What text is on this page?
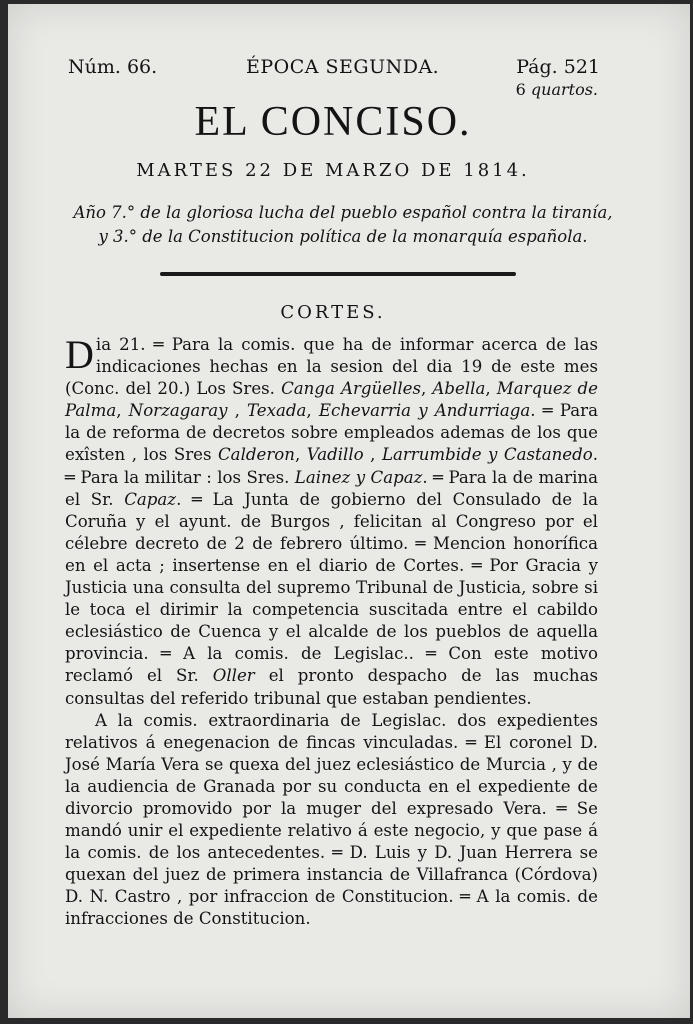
Núm. 66.	ÉPOCA SEGUNDA.	Pág. 521
6 quartos.
EL CONCISO.
MARTES 22 DE MARZO DE 1814.
Año 7.° de la gloriosa lucha del pueblo español contra la tiranía,
y 3.° de la Constitucion política de la monarquía española.
CORTES.

Dia 21. ═ Para la comis. que ha de informar acerca de las indicaciones hechas en la sesion del dia 19 de este mes (Conc. del 20.) Los Sres. Canga Argüelles, Abella, Marquez de Palma, Norzagaray , Texada, Echevarria y Andurriaga. ═ Para la de reforma de decretos sobre empleados ademas de los que exîsten , los Sres Calderon, Vadillo , Larrumbide y Castanedo. ═ Para la militar : los Sres. Lainez y Capaz. ═ Para la de marina el Sr. Capaz. ═ La Junta de gobierno del Consulado de la Coruña y el ayunt. de Burgos , felicitan al Congreso por el célebre decreto de 2 de febrero último. ═ Mencion honorífica en el acta ; insertense en el diario de Cortes. ═ Por Gracia y Justicia una consulta del supremo Tribunal de Justicia, sobre si le toca el dirimir la competencia suscitada entre el cabildo eclesiástico de Cuenca y el alcalde de los pueblos de aquella provincia. ═ A la comis. de Legislac.. ═ Con este motivo reclamó el Sr. Oller el pronto despacho de las muchas consultas del referido tribunal que estaban pendientes.

A la comis. extraordinaria de Legislac. dos expedientes relativos á enegenacion de fincas vinculadas. ═ El coronel D. José María Vera se quexa del juez eclesiástico de Murcia , y de la audiencia de Granada por su conducta en el expediente de divorcio promovido por la muger del expresado Vera. ═ Se mandó unir el expediente relativo á este negocio, y que pase á la comis. de los antecedentes. ═ D. Luis y D. Juan Herrera se quexan del juez de primera instancia de Villafranca (Córdova) D. N. Castro , por infraccion de Constitucion. ═ A la comis. de infracciones de Constitucion.
